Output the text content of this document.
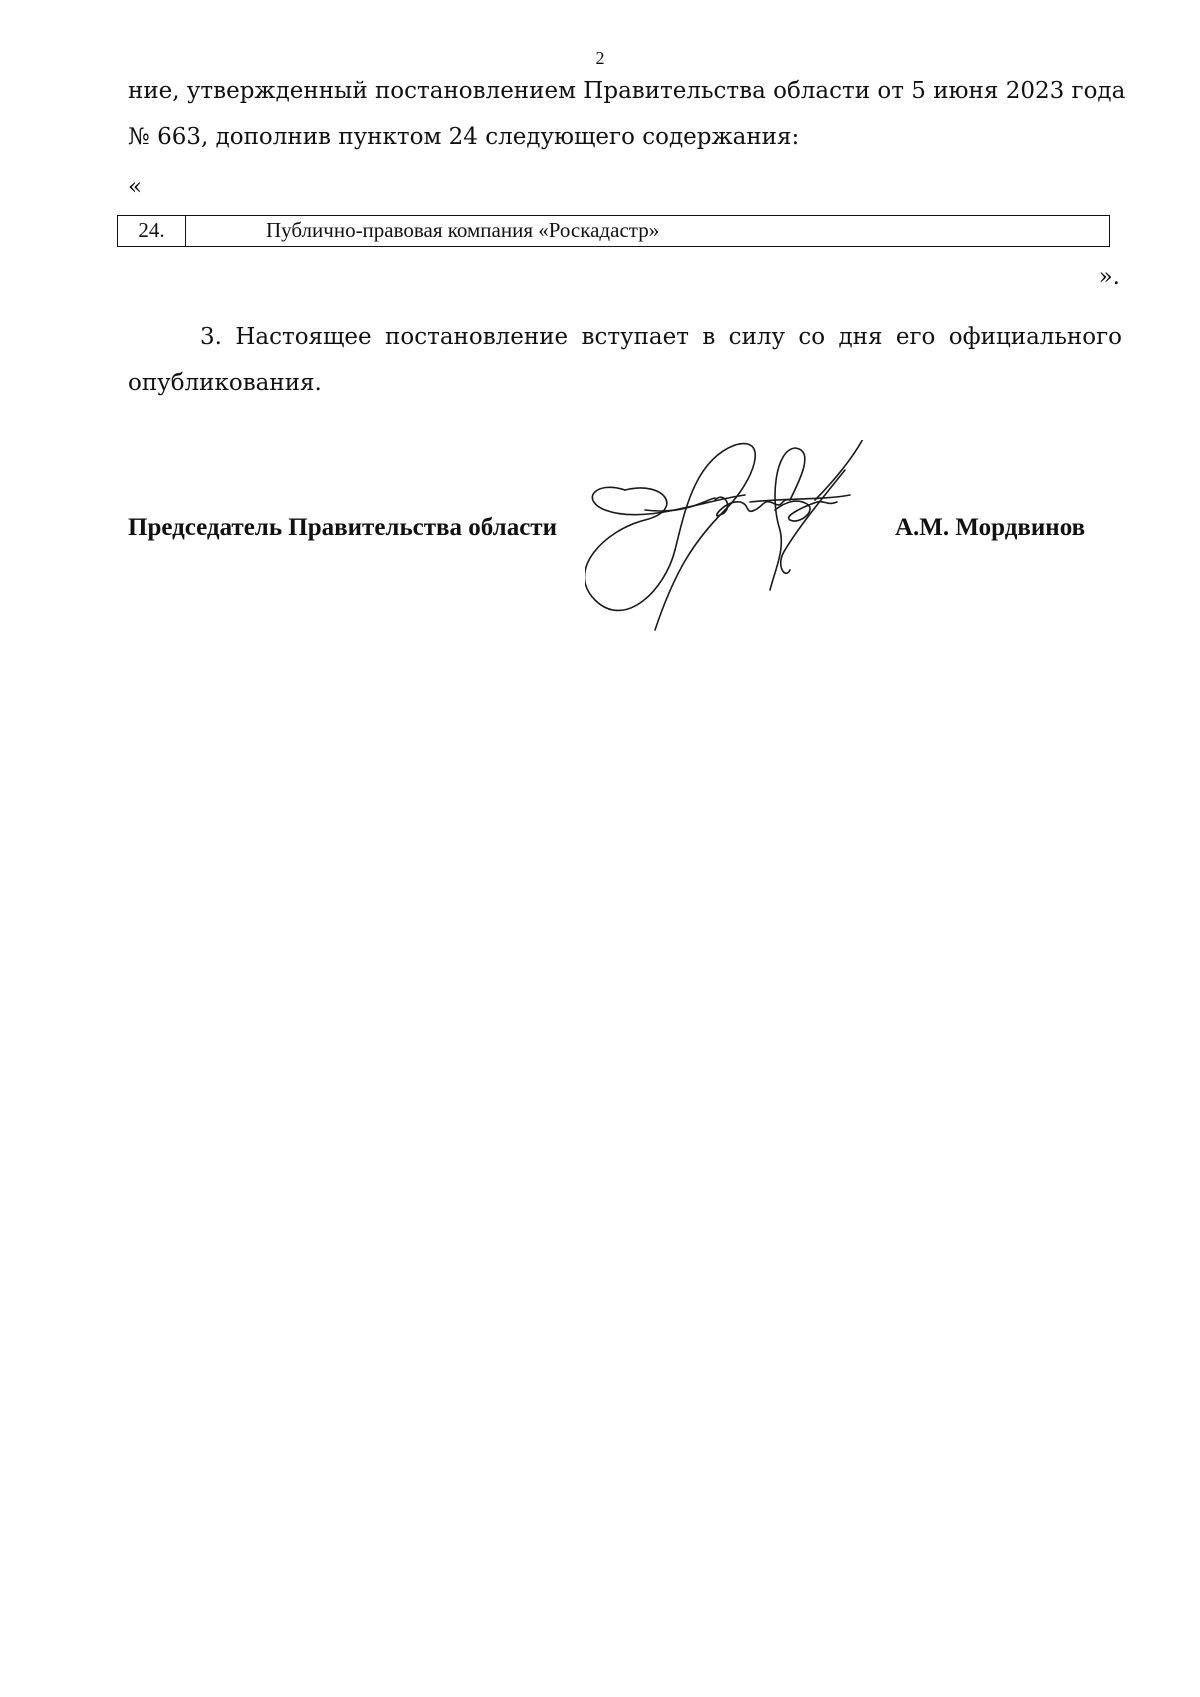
2
ние, утвержденный постановлением Правительства области от 5 июня 2023 года
№ 663, дополнив пунктом 24 следующего содержания:
«
24.	Публично-правовая компания «Роскадастр»
».
3. Настоящее постановление вступает в силу со дня его официального
опубликования.
Председатель Правительства области	А.М. Мордвинов
